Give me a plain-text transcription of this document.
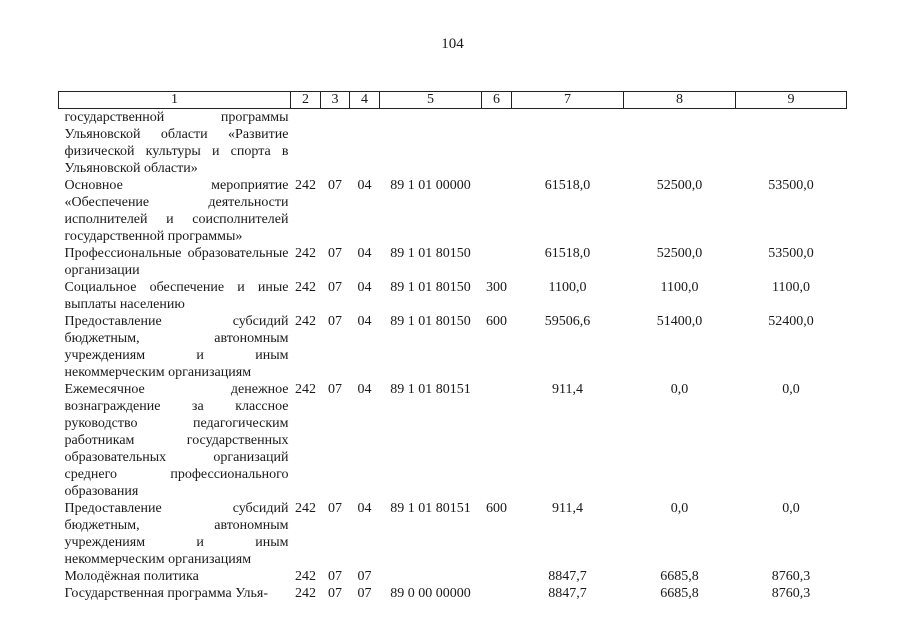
104
1	2	3	4	5	6	7	8	9
государственной программы Ульяновской области «Развитие физической культуры и спорта в Ульяновской области»								
Основное мероприятие «Обеспечение деятельности исполнителей и соисполнителей государственной программы»	242	07	04	89 1 01 00000		61518,0	52500,0	53500,0
Профессиональные образовательные организации	242	07	04	89 1 01 80150		61518,0	52500,0	53500,0
Социальное обеспечение и иные выплаты населению	242	07	04	89 1 01 80150	300	1100,0	1100,0	1100,0
Предоставление субсидий бюджетным, автономным учреждениям и иным некоммерческим организациям	242	07	04	89 1 01 80150	600	59506,6	51400,0	52400,0
Ежемесячное денежное вознаграждение за классное руководство педагогическим работникам государственных образовательных организаций среднего профессионального образования	242	07	04	89 1 01 80151		911,4	0,0	0,0
Предоставление субсидий бюджетным, автономным учреждениям и иным некоммерческим организациям	242	07	04	89 1 01 80151	600	911,4	0,0	0,0
Молодёжная политика	242	07	07			8847,7	6685,8	8760,3
Государственная программа Улья-	242	07	07	89 0 00 00000		8847,7	6685,8	8760,3
